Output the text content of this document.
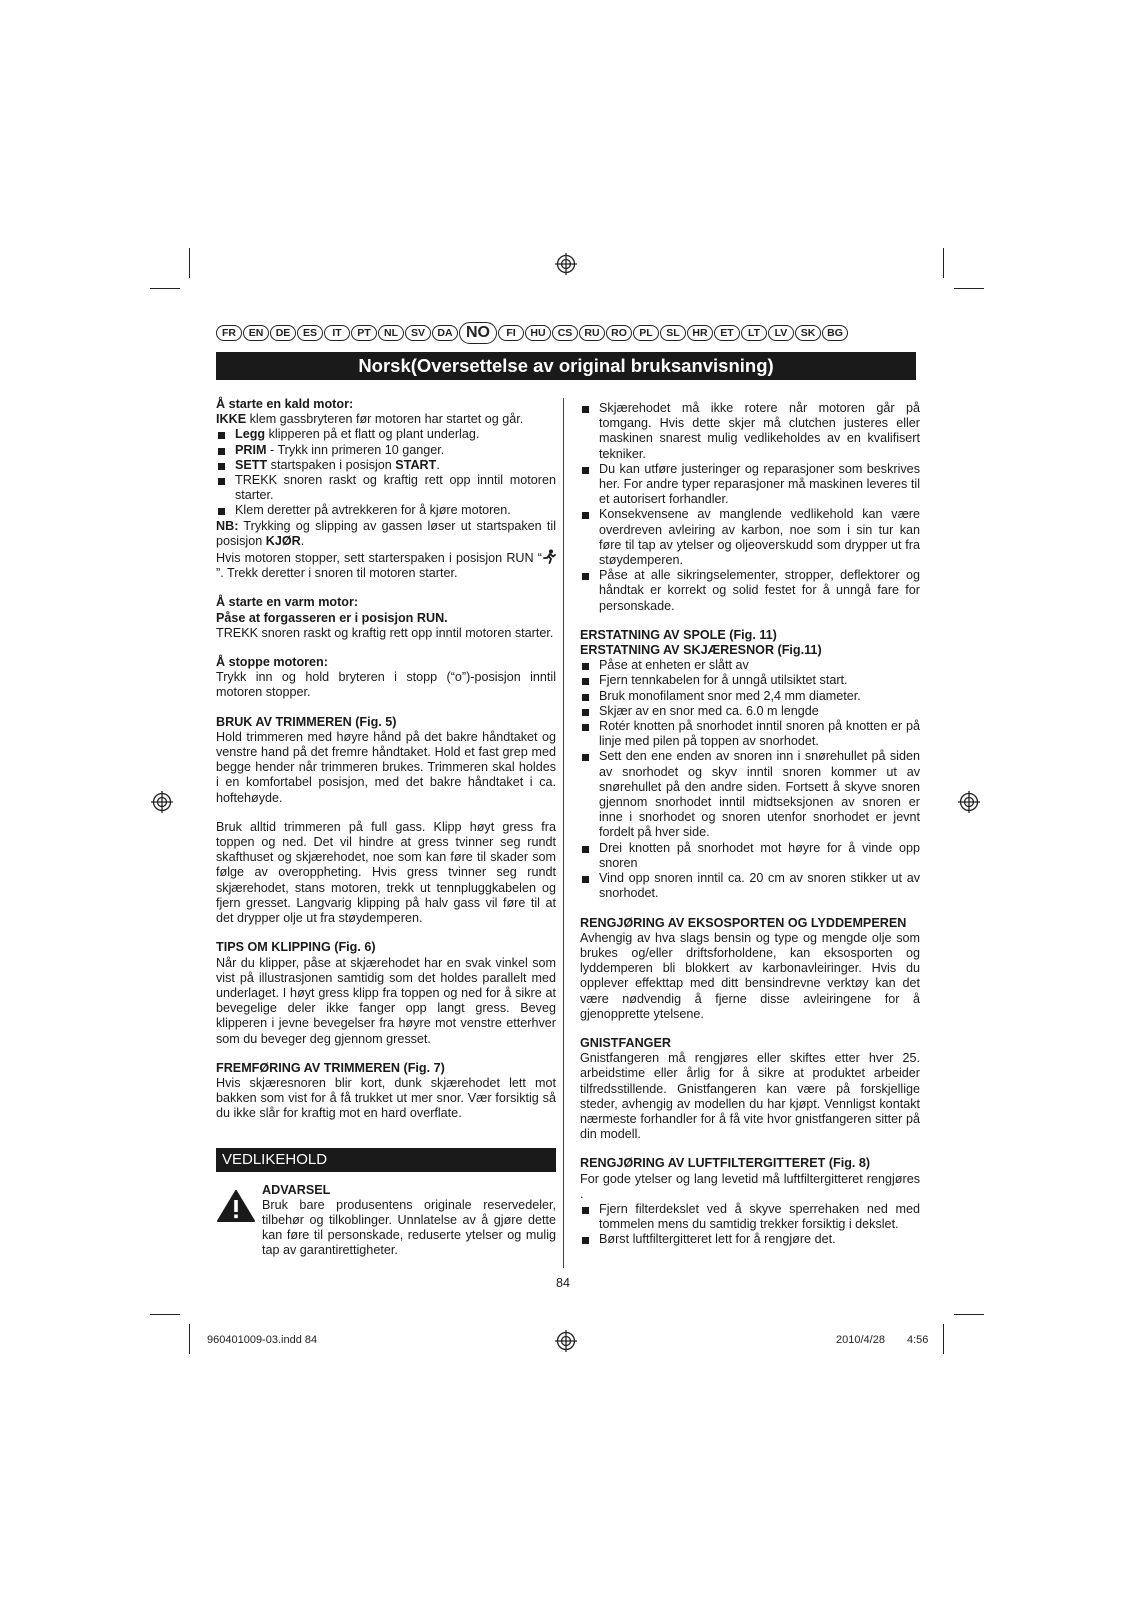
FR	EN	DE	ES	IT	PT	NL	SV	DA NO	FI	HU	CS	RU	RO	PL	SL	HR	ET	LT	LV	SK	BG
Norsk(Oversettelse av original bruksanvisning)

Å starte en kald motor:

IKKE klem gassbryteren før motoren har startet og går.

Legg klipperen på et flatt og plant underlag.

PRIM - Trykk inn primeren 10 ganger.

SETT startspaken i posisjon START.

TREKK snoren raskt og kraftig rett opp inntil motoren starter.

Klem deretter på avtrekkeren for å kjøre motoren.

NB: Trykking og slipping av gassen løser ut startspaken til posisjon KJØR.

Hvis motoren stopper, sett starterspaken i posisjon RUN “”. Trekk deretter i snoren til motoren starter.

Å starte en varm motor:

Påse at forgasseren er i posisjon RUN.

TREKK snoren raskt og kraftig rett opp inntil motoren starter.

Å stoppe motoren:

Trykk inn og hold bryteren i stopp (“o”)-posisjon inntil motoren stopper.

BRUK AV TRIMMEREN (Fig. 5)

Hold trimmeren med høyre hånd på det bakre håndtaket og venstre hand på det fremre håndtaket. Hold et fast grep med begge hender når trimmeren brukes. Trimmeren skal holdes i en komfortabel posisjon, med det bakre håndtaket i ca. hoftehøyde.

Bruk alltid trimmeren på full gass. Klipp høyt gress fra toppen og ned. Det vil hindre at gress tvinner seg rundt skafthuset og skjærehodet, noe som kan føre til skader som følge av overoppheting. Hvis gress tvinner seg rundt skjærehodet, stans motoren, trekk ut tennpluggkabelen og fjern gresset. Langvarig klipping på halv gass vil føre til at det drypper olje ut fra støydemperen.

TIPS OM KLIPPING (Fig. 6)

Når du klipper, påse at skjærehodet har en svak vinkel som vist på illustrasjonen samtidig som det holdes parallelt med underlaget. I høyt gress klipp fra toppen og ned for å sikre at bevegelige deler ikke fanger opp langt gress. Beveg klipperen i jevne bevegelser fra høyre mot venstre etterhver som du beveger deg gjennom gresset.

FREMFØRING AV TRIMMEREN (Fig. 7)

Hvis skjæresnoren blir kort, dunk skjærehodet lett mot bakken som vist for å få trukket ut mer snor. Vær forsiktig så du ikke slår for kraftig mot en hard overflate.

VEDLIKEHOLD

ADVARSEL

Bruk bare produsentens originale reservedeler, tilbehør og tilkoblinger. Unnlatelse av å gjøre dette kan føre til personskade, reduserte ytelser og mulig tap av garantirettigheter.

Skjærehodet må ikke rotere når motoren går på tomgang. Hvis dette skjer må clutchen justeres eller maskinen snarest mulig vedlikeholdes av en kvalifisert tekniker.

Du kan utføre justeringer og reparasjoner som beskrives her. For andre typer reparasjoner må maskinen leveres til et autorisert forhandler.

Konsekvensene av manglende vedlikehold kan være overdreven avleiring av karbon, noe som i sin tur kan føre til tap av ytelser og oljeoverskudd som drypper ut fra støydemperen.

Påse at alle sikringselementer, stropper, deflektorer og håndtak er korrekt og solid festet for å unngå fare for personskade.

ERSTATNING AV SPOLE (Fig. 11)

ERSTATNING AV SKJÆRESNOR (Fig.11)

Påse at enheten er slått av

Fjern tennkabelen for å unngå utilsiktet start.

Bruk monofilament snor med 2,4 mm diameter.

Skjær av en snor med ca. 6.0 m lengde

Rotér knotten på snorhodet inntil snoren på knotten er på linje med pilen på toppen av snorhodet.

Sett den ene enden av snoren inn i snørehullet på siden av snorhodet og skyv inntil snoren kommer ut av snørehullet på den andre siden. Fortsett å skyve snoren gjennom snorhodet inntil midtseksjonen av snoren er inne i snorhodet og snoren utenfor snorhodet er jevnt fordelt på hver side.

Drei knotten på snorhodet mot høyre for å vinde opp snoren

Vind opp snoren inntil ca. 20 cm av snoren stikker ut av snorhodet.

RENGJØRING AV EKSOSPORTEN OG LYDDEMPEREN

Avhengig av hva slags bensin og type og mengde olje som brukes og/eller driftsforholdene, kan eksosporten og lyddemperen bli blokkert av karbonavleiringer. Hvis du opplever effekttap med ditt bensindrevne verktøy kan det være nødvendig å fjerne disse avleiringene for å gjenopprette ytelsene.

GNISTFANGER

Gnistfangeren må rengjøres eller skiftes etter hver 25. arbeidstime eller årlig for å sikre at produktet arbeider tilfredsstillende. Gnistfangeren kan være på forskjellige steder, avhengig av modellen du har kjøpt. Vennligst kontakt nærmeste forhandler for å få vite hvor gnistfangeren sitter på din modell.

RENGJØRING AV LUFTFILTERGITTERET (Fig. 8)

For gode ytelser og lang levetid må luftfiltergitteret rengjøres .

Fjern filterdekslet ved å skyve sperrehaken ned med tommelen mens du samtidig trekker forsiktig i dekslet.

Børst luftfiltergitteret lett for å rengjøre det.

84
960401009-03.indd 84	2010/4/28 4:56
